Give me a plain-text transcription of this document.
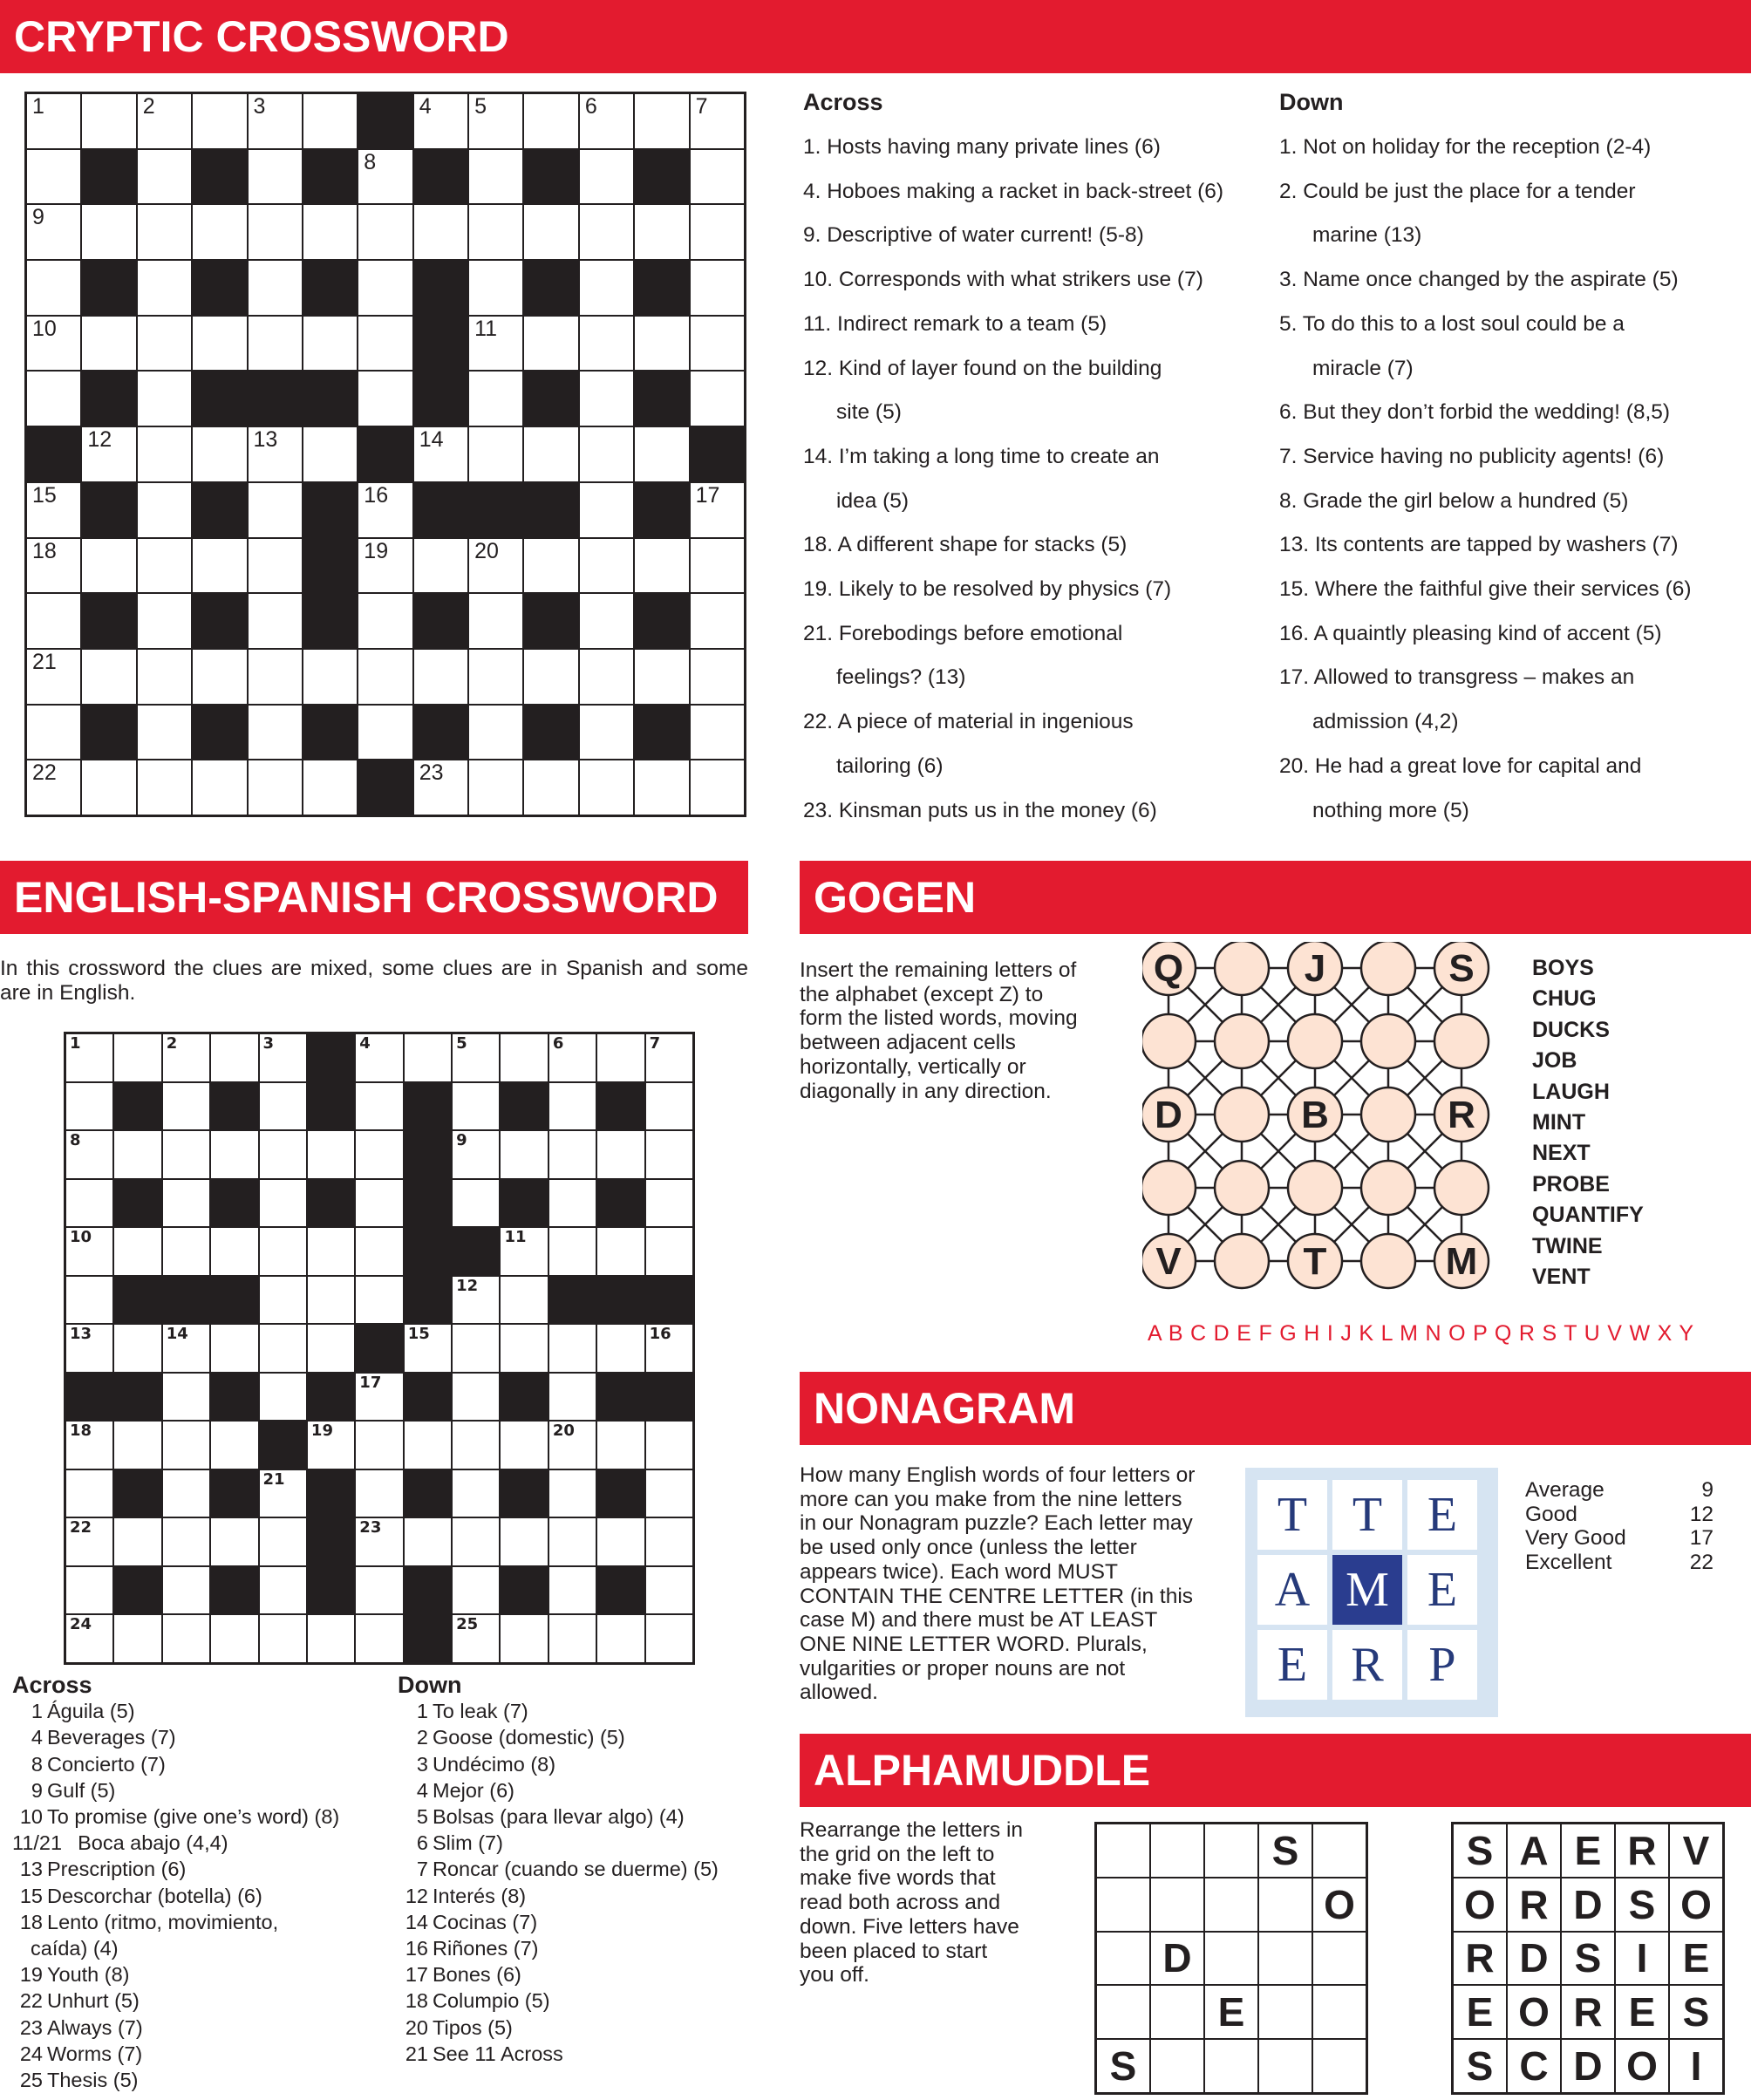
CRYPTIC CROSSWORD
1	2	3	4 5	6	7
8
9
10	11
12	13	14
15	16	17
18	19	20
21
22	23
Across
1. Hosts having many private lines (6)
4. Hoboes making a racket in back-street (6)
9. Descriptive of water current! (5-8)
10. Corresponds with what strikers use (7)
11. Indirect remark to a team (5)
12. Kind of layer found on the building
site (5)
14. I’m taking a long time to create an
idea (5)
18. A different shape for stacks (5)
19. Likely to be resolved by physics (7)
21. Forebodings before emotional
feelings? (13)
22. A piece of material in ingenious
tailoring (6)
23. Kinsman puts us in the money (6)
Down
1. Not on holiday for the reception (2-4)
2. Could be just the place for a tender
marine (13)
3. Name once changed by the aspirate (5)
5. To do this to a lost soul could be a
miracle (7)
6. But they don’t forbid the wedding! (8,5)
7. Service having no publicity agents! (6)
8. Grade the girl below a hundred (5)
13. Its contents are tapped by washers (7)
15. Where the faithful give their services (6)
16. A quaintly pleasing kind of accent (5)
17. Allowed to transgress – makes an
admission (4,2)
20. He had a great love for capital and
nothing more (5)
ENGLISH-SPANISH CROSSWORD
In this crossword the clues are mixed, some clues are in Spanish and some are in English.
1	2	3	4	5	6	7
8	9
10	11
12
13	14	15	16
17
18	19	20
21
22	23
24	25
Across
1 Águila (5)
4 Beverages (7)
8 Concierto (7)
9 Gulf (5)
10 To promise (give one’s word) (8)
11/21 Boca abajo (4,4)
13 Prescription (6)
15 Descorchar (botella) (6)
18 Lento (ritmo, movimiento,
caída) (4)
19 Youth (8)
22 Unhurt (5)
23 Always (7)
24 Worms (7)
25 Thesis (5)
Down
1 To leak (7)
2 Goose (domestic) (5)
3 Undécimo (8)
4 Mejor (6)
5 Bolsas (para llevar algo) (4)
6 Slim (7)
7 Roncar (cuando se duerme) (5)
12 Interés (8)
14 Cocinas (7)
16 Riñones (7)
17 Bones (6)
18 Columpio (5)
20 Tipos (5)
21 See 11 Across
GOGEN
Insert the remaining letters of the alphabet (except Z) to form the listed words, moving between adjacent cells horizontally, vertically or diagonally in any direction.
Q	J	S
D	B	R
V	T	M
BOYS
CHUG
DUCKS
JOB
LAUGH
MINT
NEXT
PROBE
QUANTIFY
TWINE
VENT
A B C D E F G H I J K L M N O P Q R S T U V W X Y
NONAGRAM
How many English words of four letters or more can you make from the nine letters in our Nonagram puzzle? Each letter may be used only once (unless the letter appears twice). Each word MUST CONTAIN THE CENTRE LETTER (in this case M) and there must be AT LEAST ONE NINE LETTER WORD. Plurals, vulgarities or proper nouns are not allowed.
T T E
A M E
E R P
Average	9
Good	12
Very Good	17
Excellent	22
ALPHAMUDDLE
Rearrange the letters in the grid on the left to make five words that read both across and down. Five letters have been placed to start you off.
S
O
D
E
S
S A E R V
O R D S O
R D S I E
E O R E S
S C D O I
